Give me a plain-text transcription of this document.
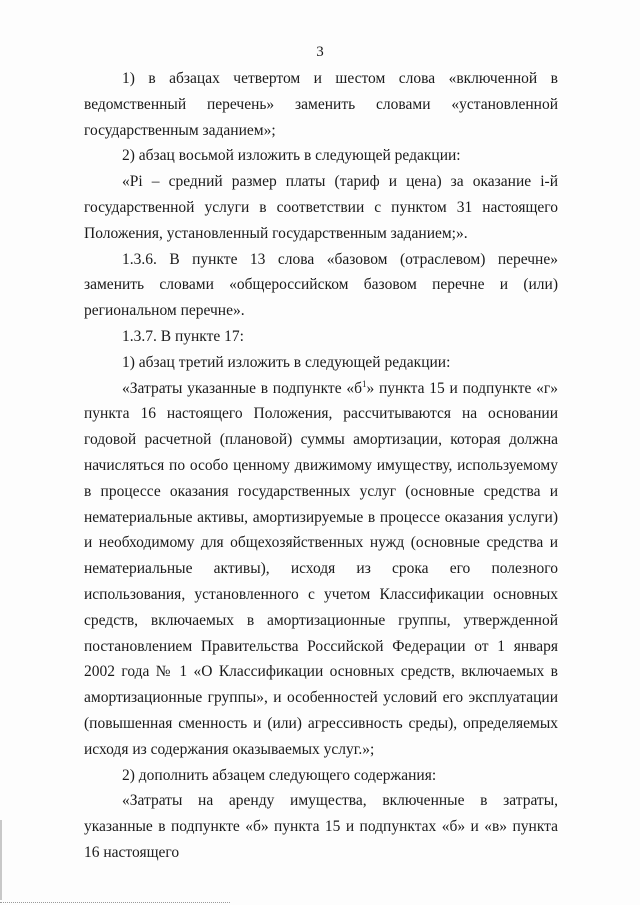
3

1) в абзацах четвертом и шестом слова «включенной в ведомственный перечень» заменить словами «установленной государственным заданием»;

2) абзац восьмой изложить в следующей редакции:

«Pi – средний размер платы (тариф и цена) за оказание i-й государственной услуги в соответствии с пунктом 31 настоящего Положения, установленный государственным заданием;».

1.3.6. В пункте 13 слова «базовом (отраслевом) перечне» заменить словами «общероссийском базовом перечне и (или) региональном перечне».

1.3.7. В пункте 17:

1) абзац третий изложить в следующей редакции:

«Затраты указанные в подпункте «$б^1$» пункта 15 и подпункте «г» пункта 16 настоящего Положения, рассчитываются на основании годовой расчетной (плановой) суммы амортизации, которая должна начисляться по особо ценному движимому имуществу, используемому в процессе оказания государственных услуг (основные средства и нематериальные активы, амортизируемые в процессе оказания услуги) и необходимому для общехозяйственных нужд (основные средства и нематериальные активы), исходя из срока его полезного использования, установленного с учетом Классификации основных средств, включаемых в амортизационные группы, утвержденной постановлением Правительства Российской Федерации от 1 января 2002 года № 1 «О Классификации основных средств, включаемых в амортизационные группы», и особенностей условий его эксплуатации (повышенная сменность и (или) агрессивность среды), определяемых исходя из содержания оказываемых услуг.»;

2) дополнить абзацем следующего содержания:

«Затраты на аренду имущества, включенные в затраты, указанные в подпункте «б» пункта 15 и подпунктах «б» и «в» пункта 16 настоящего
